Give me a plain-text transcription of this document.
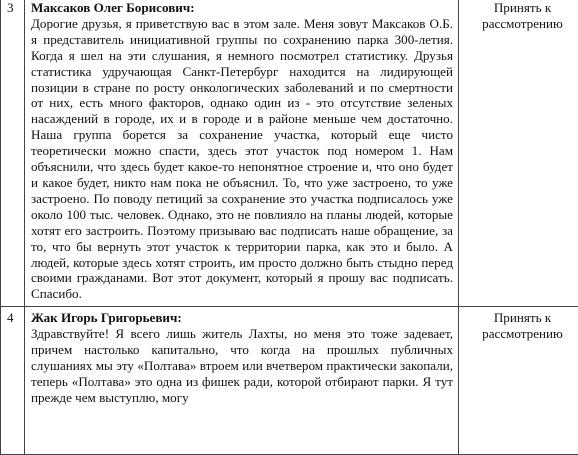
3	Максаков Олег Борисович:
Дорогие друзья, я приветствую вас в этом зале. Меня зовут Максаков О.Б. я представитель инициативной группы по сохранению парка 300-летия. Когда я шел на эти слушания, я немного посмотрел статистику. Друзья статистика удручающая Санкт-Петербург находится на лидирующей позиции в стране по росту онкологических заболеваний и по смертности от них, есть много факторов, однако один из - это отсутствие зеленых насаждений в городе, их и в городе и в районе меньше чем достаточно. Наша группа борется за сохранение участка, который еще чисто теоретически можно спасти, здесь этот участок под номером 1. Нам объяснили, что здесь будет какое-то непонятное строение и, что оно будет и какое будет, никто нам пока не объяснил. То, что уже застроено, то уже застроено. По поводу петиций за сохранение это участка подписалось уже около 100 тыс. человек. Однако, это не повлияло на планы людей, которые хотят его застроить. Поэтому призываю вас подписать наше обращение, за то, что бы вернуть этот участок к территории парка, как это и было. А людей, которые здесь хотят строить, им просто должно быть стыдно перед своими гражданами. Вот этот документ, который я прошу вас подписать. Спасибо.	Принять к рассмотрению
4	Жак Игорь Григорьевич:
Здравствуйте! Я всего лишь житель Лахты, но меня это тоже задевает, причем настолько капитально, что когда на прошлых публичных слушаниях мы эту «Полтава» втроем или вчетвером практически закопали, теперь «Полтава» это одна из фишек ради, которой отбирают парки. Я тут прежде чем выступлю, могу	Принять к рассмотрению
